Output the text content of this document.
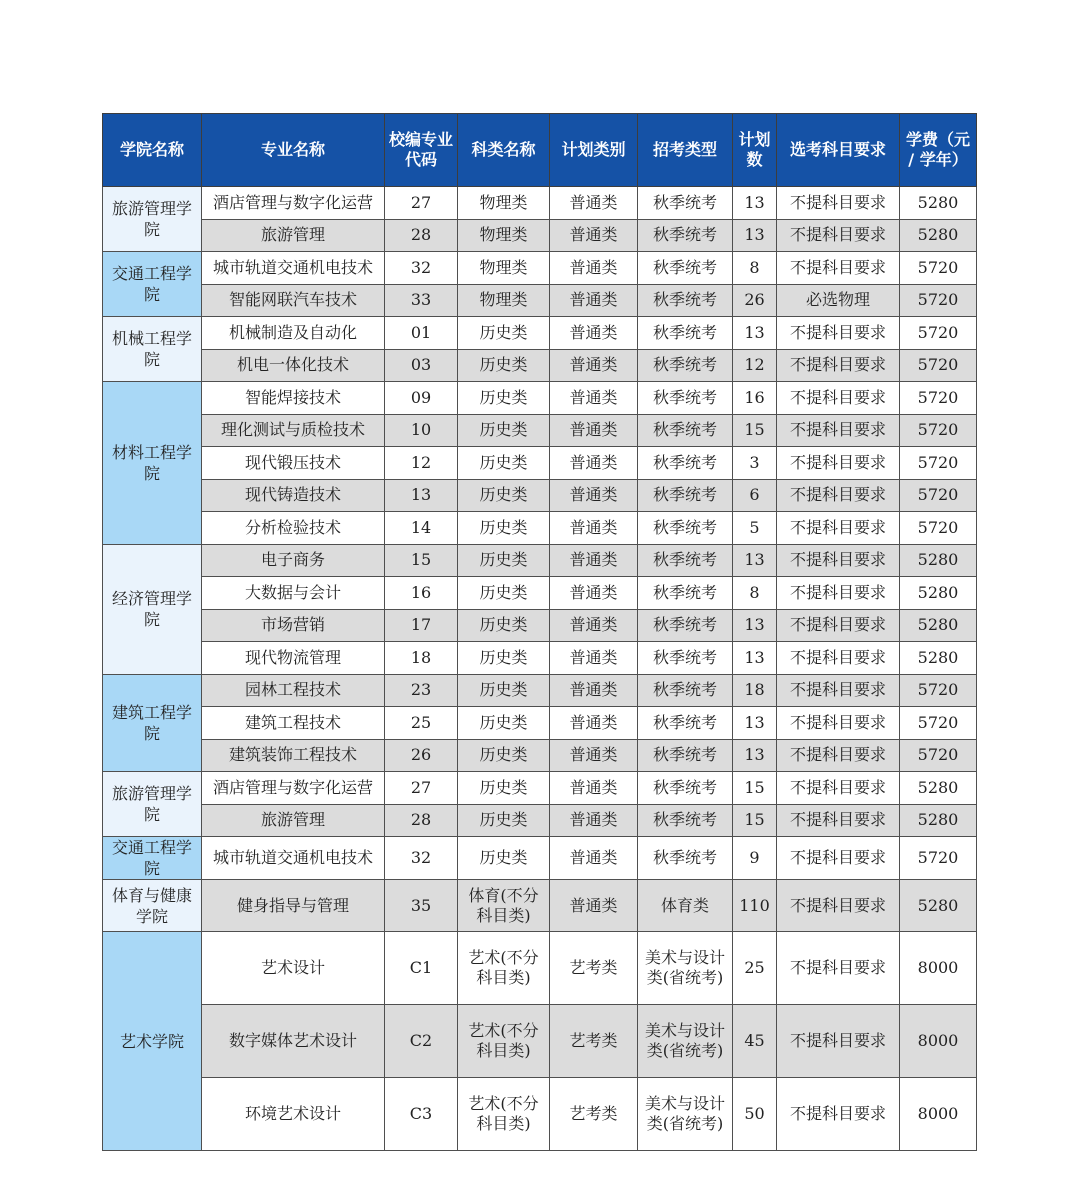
学院名称	专业名称	校编专业代码	科类名称	计划类别	招考类型	计划数	选考科目要求	学费（元 / 学年）
旅游管理学院	酒店管理与数字化运营	27	物理类	普通类	秋季统考	13	不提科目要求	5280
	旅游管理	28	物理类	普通类	秋季统考	13	不提科目要求	5280
交通工程学院	城市轨道交通机电技术	32	物理类	普通类	秋季统考	8	不提科目要求	5720
	智能网联汽车技术	33	物理类	普通类	秋季统考	26	必选物理	5720
机械工程学院	机械制造及自动化	01	历史类	普通类	秋季统考	13	不提科目要求	5720
	机电一体化技术	03	历史类	普通类	秋季统考	12	不提科目要求	5720
材料工程学院	智能焊接技术	09	历史类	普通类	秋季统考	16	不提科目要求	5720
	理化测试与质检技术	10	历史类	普通类	秋季统考	15	不提科目要求	5720
	现代锻压技术	12	历史类	普通类	秋季统考	3	不提科目要求	5720
	现代铸造技术	13	历史类	普通类	秋季统考	6	不提科目要求	5720
	分析检验技术	14	历史类	普通类	秋季统考	5	不提科目要求	5720
经济管理学院	电子商务	15	历史类	普通类	秋季统考	13	不提科目要求	5280
	大数据与会计	16	历史类	普通类	秋季统考	8	不提科目要求	5280
	市场营销	17	历史类	普通类	秋季统考	13	不提科目要求	5280
	现代物流管理	18	历史类	普通类	秋季统考	13	不提科目要求	5280
建筑工程学院	园林工程技术	23	历史类	普通类	秋季统考	18	不提科目要求	5720
	建筑工程技术	25	历史类	普通类	秋季统考	13	不提科目要求	5720
	建筑装饰工程技术	26	历史类	普通类	秋季统考	13	不提科目要求	5720
旅游管理学院	酒店管理与数字化运营	27	历史类	普通类	秋季统考	15	不提科目要求	5280
	旅游管理	28	历史类	普通类	秋季统考	15	不提科目要求	5280
交通工程学院	城市轨道交通机电技术	32	历史类	普通类	秋季统考	9	不提科目要求	5720
体育与健康学院	健身指导与管理	35	体育(不分科目类)	普通类	体育类	110	不提科目要求	5280
艺术学院	艺术设计	C1	艺术(不分科目类)	艺考类	美术与设计类(省统考)	25	不提科目要求	8000
	数字媒体艺术设计	C2	艺术(不分科目类)	艺考类	美术与设计类(省统考)	45	不提科目要求	8000
	环境艺术设计	C3	艺术(不分科目类)	艺考类	美术与设计类(省统考)	50	不提科目要求	8000
